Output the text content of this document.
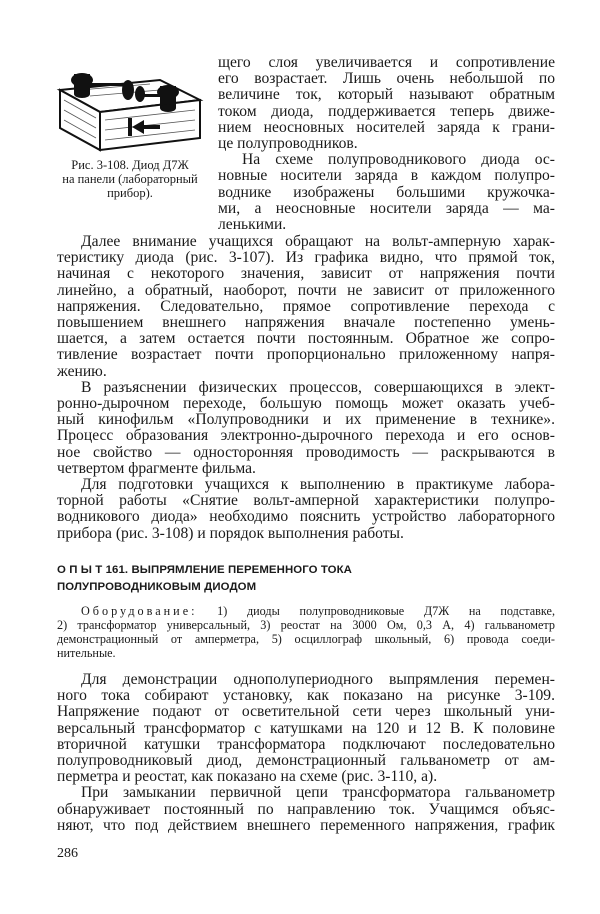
Рис. 3-108. Диод Д7Ж
на панели (лабораторный
прибор).
щего слоя увеличивается и сопротивление
его возрастает. Лишь очень небольшой по
величине ток, который называют обратным
током диода, поддерживается теперь движе-
нием неосновных носителей заряда к грани-
це полупроводников.
На схеме полупроводникового диода ос-
новные носители заряда в каждом полупро-
воднике изображены большими кружочка-
ми, а неосновные носители заряда — ма-
ленькими.
Далее внимание учащихся обращают на вольт-амперную харак-
теристику диода (рис. 3-107). Из графика видно, что прямой ток,
начиная с некоторого значения, зависит от напряжения почти
линейно, а обратный, наоборот, почти не зависит от приложенного
напряжения. Следовательно, прямое сопротивление перехода с
повышением внешнего напряжения вначале постепенно умень-
шается, а затем остается почти постоянным. Обратное же сопро-
тивление возрастает почти пропорционально приложенному напря-
жению.
В разъяснении физических процессов, совершающихся в элект-
ронно-дырочном переходе, большую помощь может оказать учеб-
ный кинофильм «Полупроводники и их применение в технике».
Процесс образования электронно-дырочного перехода и его основ-
ное свойство — односторонняя проводимость — раскрываются в
четвертом фрагменте фильма.
Для подготовки учащихся к выполнению в практикуме лабора-
торной работы «Снятие вольт-амперной характеристики полупро-
водникового диода» необходимо пояснить устройство лабораторного
прибора (рис. 3-108) и порядок выполнения работы.
О П Ы Т 161. ВЫПРЯМЛЕНИЕ ПЕРЕМЕННОГО ТОКА
ПОЛУПРОВОДНИКОВЫМ ДИОДОМ
Оборудование: 1) диоды полупроводниковые Д7Ж на подставке,
2) трансформатор универсальный, 3) реостат на 3000 Ом, 0,3 А, 4) гальванометр
демонстрационный от амперметра, 5) осциллограф школьный, 6) провода соеди-
нительные.
Для демонстрации однополупериодного выпрямления перемен-
ного тока собирают установку, как показано на рисунке 3-109.
Напряжение подают от осветительной сети через школьный уни-
версальный трансформатор с катушками на 120 и 12 В. К половине
вторичной катушки трансформатора подключают последовательно
полупроводниковый диод, демонстрационный гальванометр от ам-
перметра и реостат, как показано на схеме (рис. 3-110, а).
При замыкании первичной цепи трансформатора гальванометр
обнаруживает постоянный по направлению ток. Учащимся объяс-
няют, что под действием внешнего переменного напряжения, график
286
